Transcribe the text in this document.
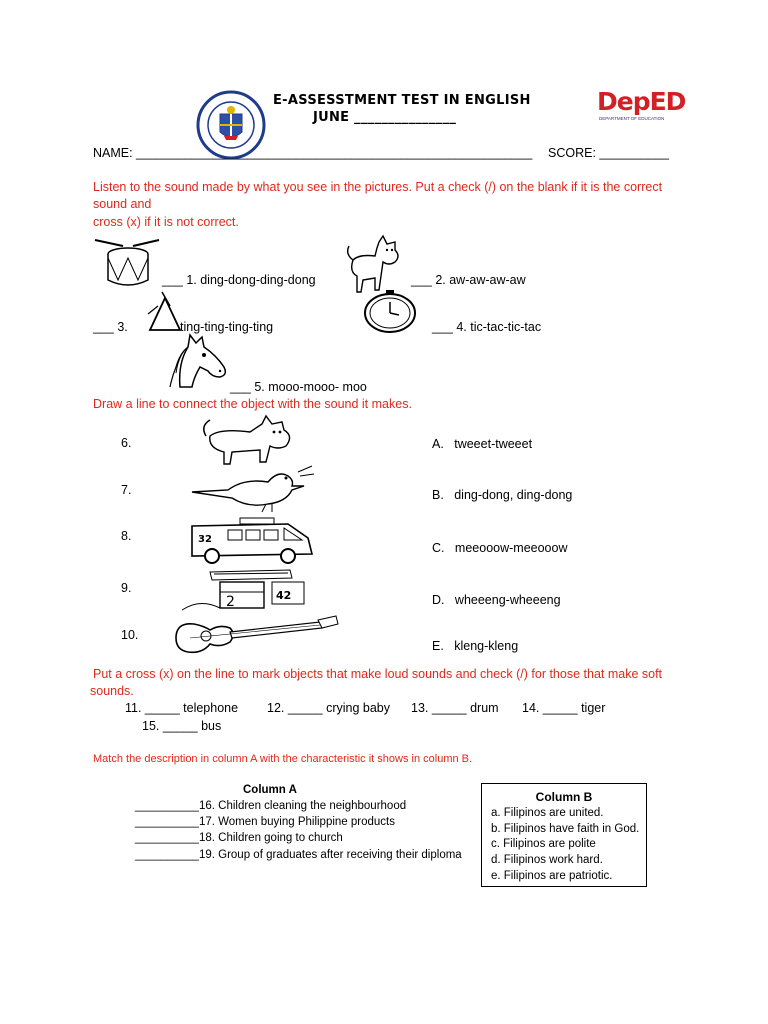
E-ASSESSTMENT TEST IN ENGLISH
JUNE _______________
DepED
DEPARTMENT OF EDUCATION
NAME: _________________________________________________________ SCORE: __________
Listen to the sound made by what you see in the pictures. Put a check (/) on the blank if it is the correct
sound and
cross (x) if it is not correct.
___ 1. ding-dong-ding-dong	___ 2. aw-aw-aw-aw
___ 3.	ting-ting-ting-ting	___ 4. tic-tac-tic-tac
___ 5. mooo-mooo- moo
Draw a line to connect the object with the sound it makes.
6.
7.
8.
9.
10.
32
2	42
A. tweeet-tweeet
B. ding-dong, ding-dong
C. meeooow-meeooow
D. wheeeng-wheeeng
E. kleng-kleng
Put a cross (x) on the line to mark objects that make loud sounds and check (/) for those that make soft
sounds.
11. _____ telephone 12. _____ crying baby 13. _____ drum 14. _____ tiger
15. _____ bus
Match the description in column A with the characteristic it shows in column B.
Column A
__________16. Children cleaning the neighbourhood
__________17. Women buying Philippine products
__________18. Children going to church
__________19. Group of graduates after receiving their diploma
Column B
a. Filipinos are united.
b. Filipinos have faith in God.
c. Filipinos are polite
d. Filipinos work hard.
e. Filipinos are patriotic.
